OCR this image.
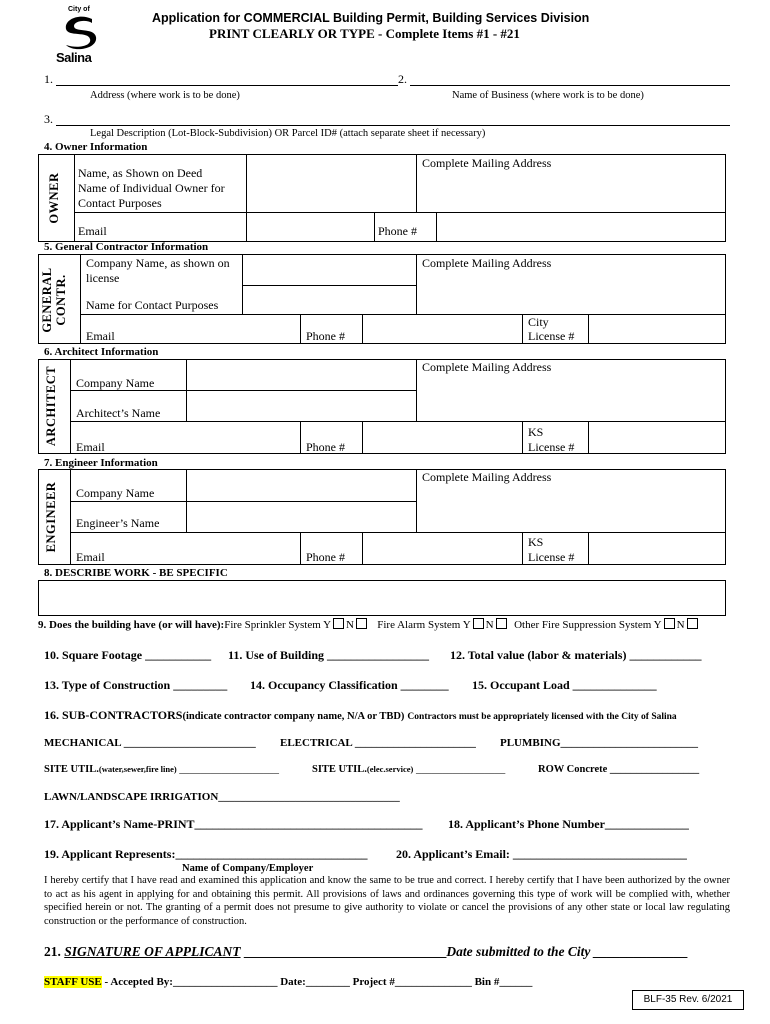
City of
Salina
Application for COMMERCIAL Building Permit, Building Services Division
PRINT CLEARLY OR TYPE - Complete Items #1 - #21
1.	2.
Address (where work is to be done)	Name of Business (where work is to be done)
3.
Legal Description (Lot-Block-Subdivision) OR Parcel ID# (attach separate sheet if necessary)
4. Owner Information
OWNER	Name, as Shown on Deed
Name of Individual Owner for Contact Purposes
Complete Mailing Address
Email	Phone #
5. General Contractor Information
GENERAL CONTR.
Company Name, as shown on license
Name for Contact Purposes
Complete Mailing Address
Email	Phone #
City
License #
6. Architect Information
ARCHITECT Company Name
Architect’s Name
Complete Mailing Address
Email	Phone #
KS
License #
7. Engineer Information
ENGINEER Company Name
Engineer’s Name
Complete Mailing Address
Email	Phone #
KS
License #
8. DESCRIBE WORK - BE SPECIFIC
9. Does the building have (or will have):Fire Sprinkler System Y N Fire Alarm System Y N Other Fire Suppression System Y N
10. Square Footage ___________ 11. Use of Building _________________ 12. Total value (labor & materials) ____________
13. Type of Construction _________ 14. Occupancy Classification ________ 15. Occupant Load ______________
16. SUB-CONTRACTORS(indicate contractor company name, N/A or TBD) Contractors must be appropriately licensed with the City of Salina
MECHANICAL ________________________ ELECTRICAL ______________________ PLUMBING_________________________
SITE UTIL.(water,sewer,fire line) ___________________	SITE UTIL.(elec.service) _________________	ROW Concrete _________________
LAWN/LANDSCAPE IRRIGATION_________________________________
17. Applicant’s Name-PRINT______________________________________ 18. Applicant’s Phone Number______________
19. Applicant Represents:________________________________ 20. Applicant’s Email: _____________________________
Name of Company/Employer
I hereby certify that I have read and examined this application and know the same to be true and correct. I hereby certify that I have been authorized by the owner to act as his agent in applying for and obtaining this permit. All provisions of laws and ordinances governing this type of work will be complied with, whether specified herein or not. The granting of a permit does not presume to give authority to violate or cancel the provisions of any other state or local law regulating construction or the performance of construction.
21. SIGNATURE OF APPLICANT ______________________________Date submitted to the City ______________
STAFF USE - Accepted By:___________________ Date:________ Project #______________ Bin #______
BLF-35 Rev. 6/2021
